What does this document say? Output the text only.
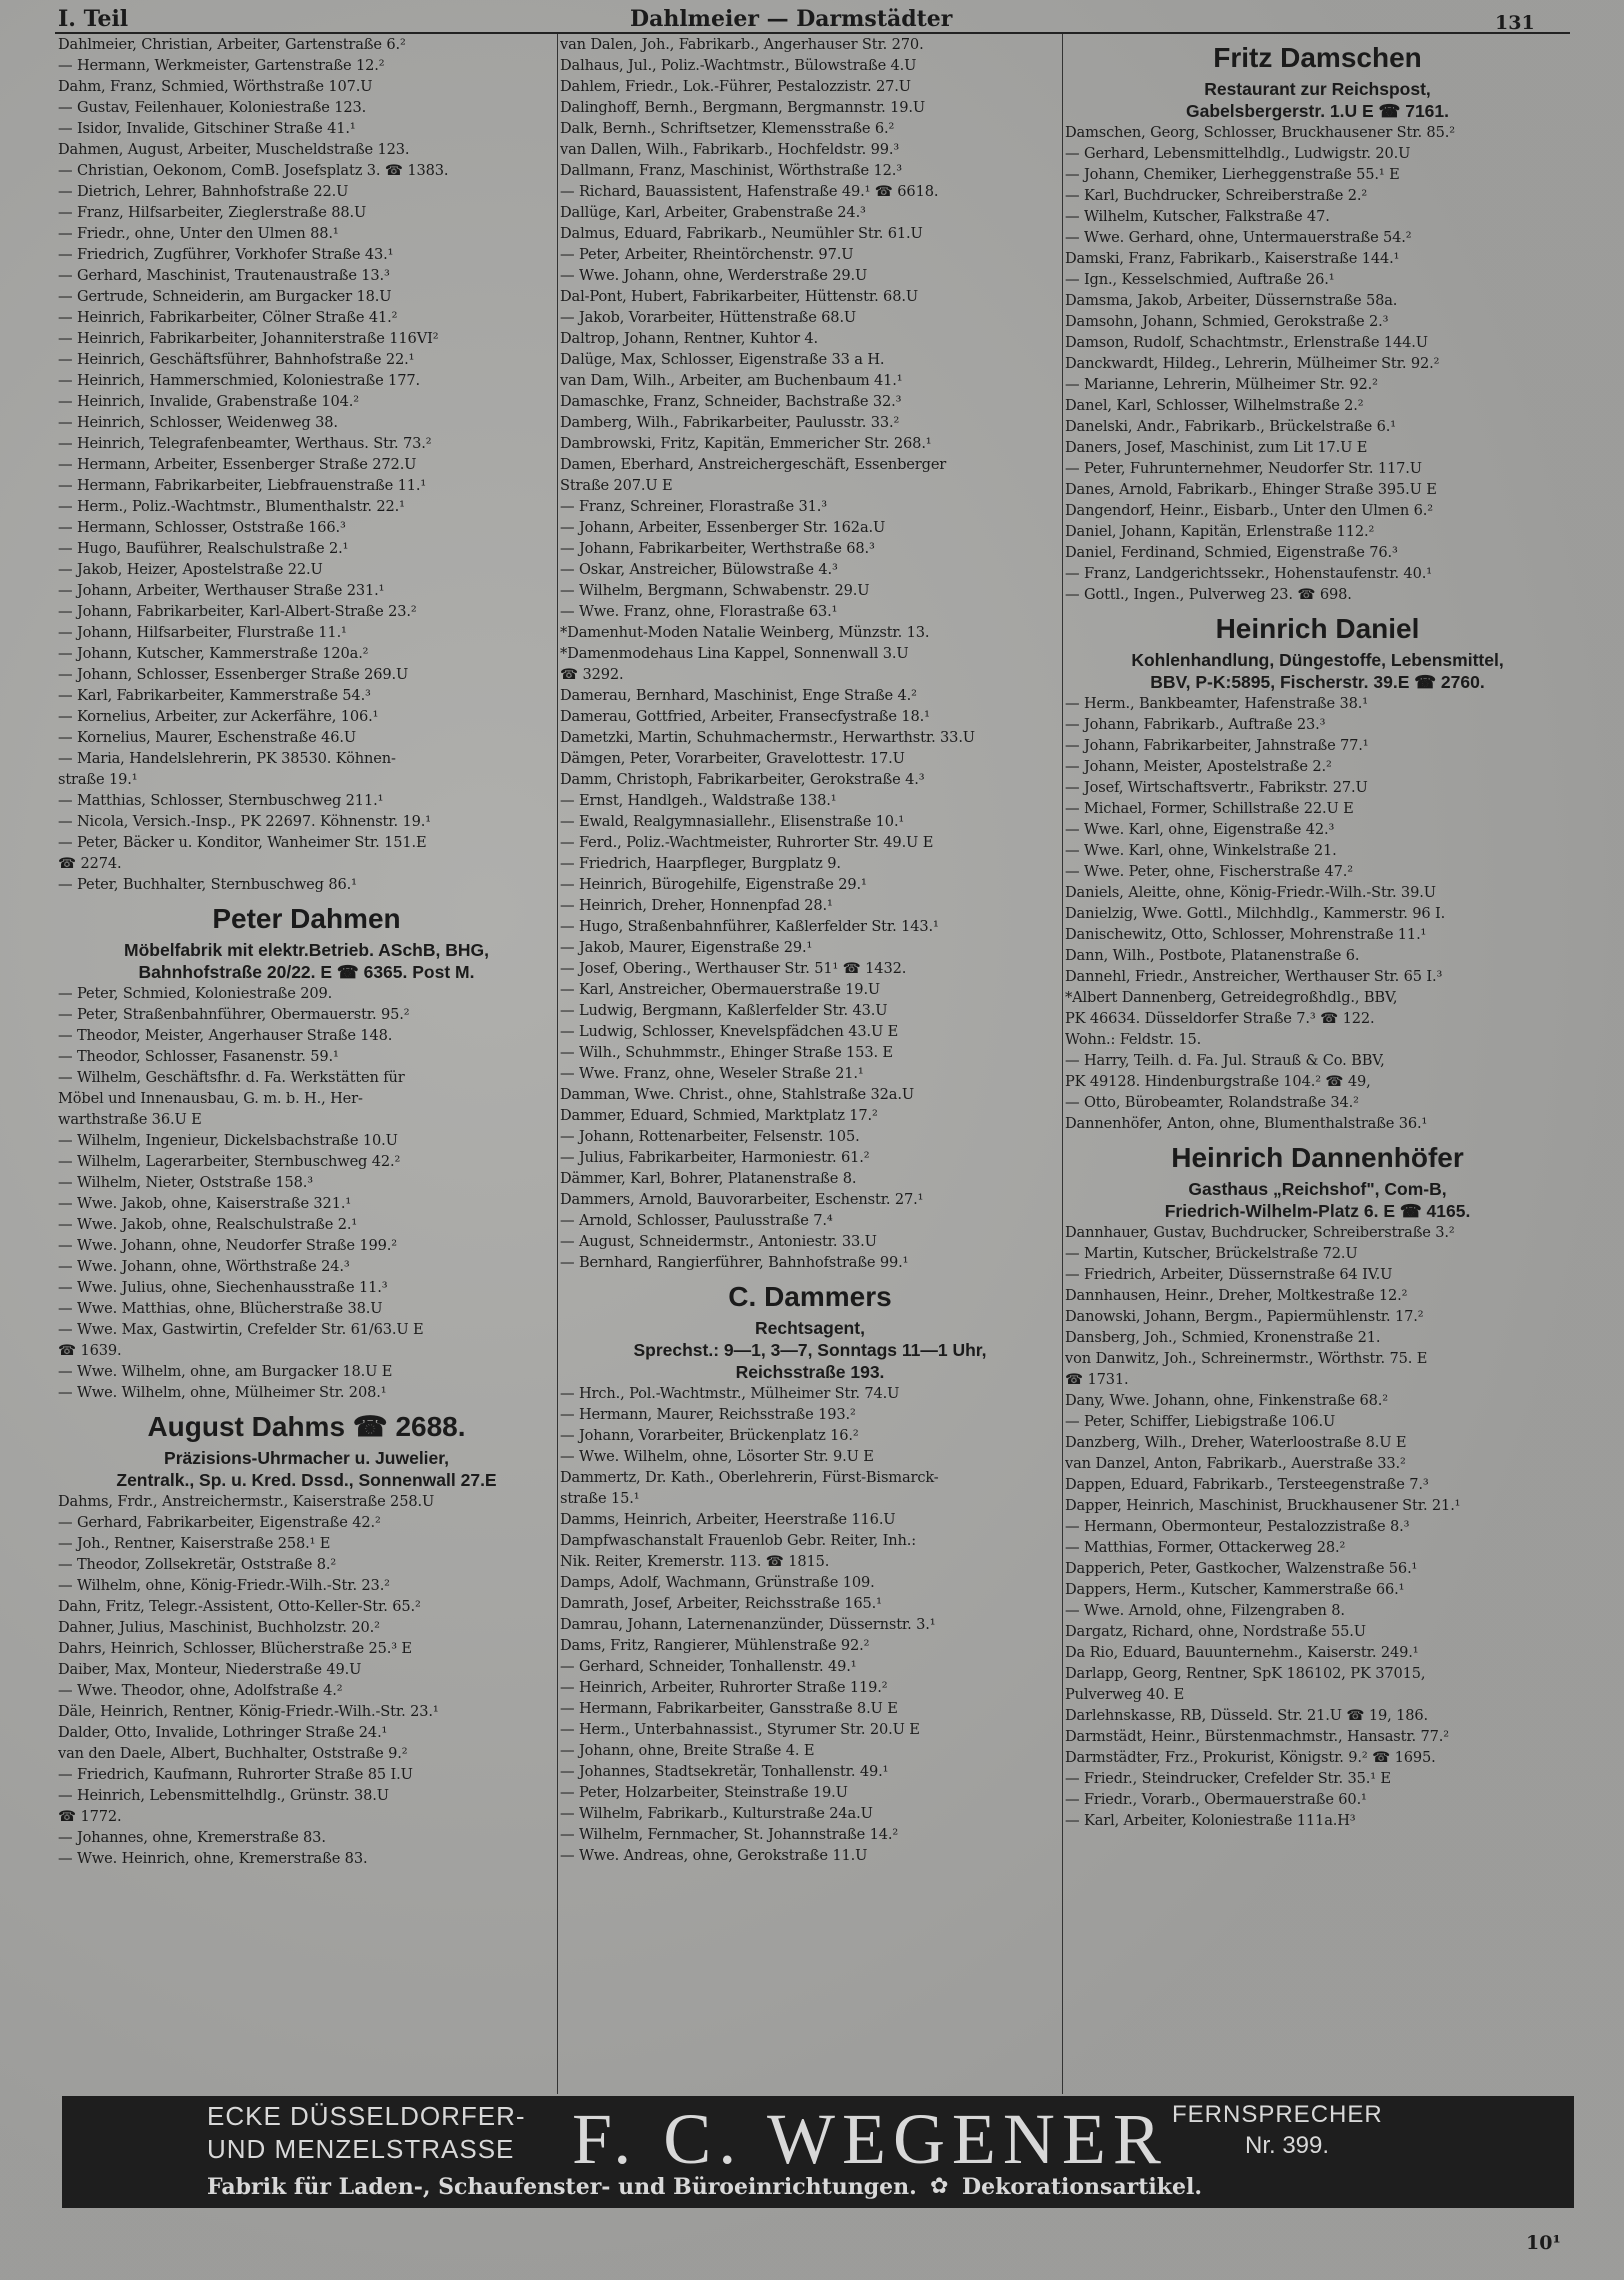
I. Teil	Dahlmeier — Darmstädter	131
Dahlmeier, Christian, Arbeiter, Gartenstraße 6.²
— Hermann, Werkmeister, Gartenstraße 12.²
Dahm, Franz, Schmied, Wörthstraße 107.U
— Gustav, Feilenhauer, Koloniestraße 123.
— Isidor, Invalide, Gitschiner Straße 41.¹
Dahmen, August, Arbeiter, Muscheldstraße 123.
— Christian, Oekonom, ComB. Josefsplatz 3. ☎ 1383.
— Dietrich, Lehrer, Bahnhofstraße 22.U
— Franz, Hilfsarbeiter, Zieglerstraße 88.U
— Friedr., ohne, Unter den Ulmen 88.¹
— Friedrich, Zugführer, Vorkhofer Straße 43.¹
— Gerhard, Maschinist, Trautenaustraße 13.³
— Gertrude, Schneiderin, am Burgacker 18.U
— Heinrich, Fabrikarbeiter, Cölner Straße 41.²
— Heinrich, Fabrikarbeiter, Johanniterstraße 116VI²
— Heinrich, Geschäftsführer, Bahnhofstraße 22.¹
— Heinrich, Hammerschmied, Koloniestraße 177.
— Heinrich, Invalide, Grabenstraße 104.²
— Heinrich, Schlosser, Weidenweg 38.
— Heinrich, Telegrafenbeamter, Werthaus. Str. 73.²
— Hermann, Arbeiter, Essenberger Straße 272.U
— Hermann, Fabrikarbeiter, Liebfrauenstraße 11.¹
— Herm., Poliz.-Wachtmstr., Blumenthalstr. 22.¹
— Hermann, Schlosser, Oststraße 166.³
— Hugo, Bauführer, Realschulstraße 2.¹
— Jakob, Heizer, Apostelstraße 22.U
— Johann, Arbeiter, Werthauser Straße 231.¹
— Johann, Fabrikarbeiter, Karl-Albert-Straße 23.²
— Johann, Hilfsarbeiter, Flurstraße 11.¹
— Johann, Kutscher, Kammerstraße 120a.²
— Johann, Schlosser, Essenberger Straße 269.U
— Karl, Fabrikarbeiter, Kammerstraße 54.³
— Kornelius, Arbeiter, zur Ackerfähre, 106.¹
— Kornelius, Maurer, Eschenstraße 46.U
— Maria, Handelslehrerin, PK 38530. Köhnen-
straße 19.¹
— Matthias, Schlosser, Sternbuschweg 211.¹
— Nicola, Versich.-Insp., PK 22697. Köhnenstr. 19.¹
— Peter, Bäcker u. Konditor, Wanheimer Str. 151.E
☎ 2274.
— Peter, Buchhalter, Sternbuschweg 86.¹
Peter Dahmen
Möbelfabrik mit elektr.Betrieb. ASchB, BHG,
Bahnhofstraße 20/22. E ☎ 6365. Post M.
— Peter, Schmied, Koloniestraße 209.
— Peter, Straßenbahnführer, Obermauerstr. 95.²
— Theodor, Meister, Angerhauser Straße 148.
— Theodor, Schlosser, Fasanenstr. 59.¹
— Wilhelm, Geschäftsfhr. d. Fa. Werkstätten für
Möbel und Innenausbau, G. m. b. H., Her-
warthstraße 36.U E
— Wilhelm, Ingenieur, Dickelsbachstraße 10.U
— Wilhelm, Lagerarbeiter, Sternbuschweg 42.²
— Wilhelm, Nieter, Oststraße 158.³
— Wwe. Jakob, ohne, Kaiserstraße 321.¹
— Wwe. Jakob, ohne, Realschulstraße 2.¹
— Wwe. Johann, ohne, Neudorfer Straße 199.²
— Wwe. Johann, ohne, Wörthstraße 24.³
— Wwe. Julius, ohne, Siechenhausstraße 11.³
— Wwe. Matthias, ohne, Blücherstraße 38.U
— Wwe. Max, Gastwirtin, Crefelder Str. 61/63.U E
☎ 1639.
— Wwe. Wilhelm, ohne, am Burgacker 18.U E
— Wwe. Wilhelm, ohne, Mülheimer Str. 208.¹
August Dahms ☎ 2688.
Präzisions-Uhrmacher u. Juwelier,
Zentralk., Sp. u. Kred. Dssd., Sonnenwall 27.E
Dahms, Frdr., Anstreichermstr., Kaiserstraße 258.U
— Gerhard, Fabrikarbeiter, Eigenstraße 42.²
— Joh., Rentner, Kaiserstraße 258.¹ E
— Theodor, Zollsekretär, Oststraße 8.²
— Wilhelm, ohne, König-Friedr.-Wilh.-Str. 23.²
Dahn, Fritz, Telegr.-Assistent, Otto-Keller-Str. 65.²
Dahner, Julius, Maschinist, Buchholzstr. 20.²
Dahrs, Heinrich, Schlosser, Blücherstraße 25.³ E
Daiber, Max, Monteur, Niederstraße 49.U
— Wwe. Theodor, ohne, Adolfstraße 4.²
Däle, Heinrich, Rentner, König-Friedr.-Wilh.-Str. 23.¹
Dalder, Otto, Invalide, Lothringer Straße 24.¹
van den Daele, Albert, Buchhalter, Oststraße 9.²
— Friedrich, Kaufmann, Ruhrorter Straße 85 I.U
— Heinrich, Lebensmittelhdlg., Grünstr. 38.U
☎ 1772.
— Johannes, ohne, Kremerstraße 83.
— Wwe. Heinrich, ohne, Kremerstraße 83.
van Dalen, Joh., Fabrikarb., Angerhauser Str. 270.
Dalhaus, Jul., Poliz.-Wachtmstr., Bülowstraße 4.U
Dahlem, Friedr., Lok.-Führer, Pestalozzistr. 27.U
Dalinghoff, Bernh., Bergmann, Bergmannstr. 19.U
Dalk, Bernh., Schriftsetzer, Klemensstraße 6.²
van Dallen, Wilh., Fabrikarb., Hochfeldstr. 99.³
Dallmann, Franz, Maschinist, Wörthstraße 12.³
— Richard, Bauassistent, Hafenstraße 49.¹ ☎ 6618.
Dallüge, Karl, Arbeiter, Grabenstraße 24.³
Dalmus, Eduard, Fabrikarb., Neumühler Str. 61.U
— Peter, Arbeiter, Rheintörchenstr. 97.U
— Wwe. Johann, ohne, Werderstraße 29.U
Dal-Pont, Hubert, Fabrikarbeiter, Hüttenstr. 68.U
— Jakob, Vorarbeiter, Hüttenstraße 68.U
Daltrop, Johann, Rentner, Kuhtor 4.
Dalüge, Max, Schlosser, Eigenstraße 33 a H.
van Dam, Wilh., Arbeiter, am Buchenbaum 41.¹
Damaschke, Franz, Schneider, Bachstraße 32.³
Damberg, Wilh., Fabrikarbeiter, Paulusstr. 33.²
Dambrowski, Fritz, Kapitän, Emmericher Str. 268.¹
Damen, Eberhard, Anstreichergeschäft, Essenberger
Straße 207.U E
— Franz, Schreiner, Florastraße 31.³
— Johann, Arbeiter, Essenberger Str. 162a.U
— Johann, Fabrikarbeiter, Werthstraße 68.³
— Oskar, Anstreicher, Bülowstraße 4.³
— Wilhelm, Bergmann, Schwabenstr. 29.U
— Wwe. Franz, ohne, Florastraße 63.¹
*Damenhut-Moden Natalie Weinberg, Münzstr. 13.
*Damenmodehaus Lina Kappel, Sonnenwall 3.U
☎ 3292.
Damerau, Bernhard, Maschinist, Enge Straße 4.²
Damerau, Gottfried, Arbeiter, Fransecfystraße 18.¹
Dametzki, Martin, Schuhmachermstr., Herwarthstr. 33.U
Dämgen, Peter, Vorarbeiter, Gravelottestr. 17.U
Damm, Christoph, Fabrikarbeiter, Gerokstraße 4.³
— Ernst, Handlgeh., Waldstraße 138.¹
— Ewald, Realgymnasiallehr., Elisenstraße 10.¹
— Ferd., Poliz.-Wachtmeister, Ruhrorter Str. 49.U E
— Friedrich, Haarpfleger, Burgplatz 9.
— Heinrich, Bürogehilfe, Eigenstraße 29.¹
— Heinrich, Dreher, Honnenpfad 28.¹
— Hugo, Straßenbahnführer, Kaßlerfelder Str. 143.¹
— Jakob, Maurer, Eigenstraße 29.¹
— Josef, Obering., Werthauser Str. 51¹ ☎ 1432.
— Karl, Anstreicher, Obermauerstraße 19.U
— Ludwig, Bergmann, Kaßlerfelder Str. 43.U
— Ludwig, Schlosser, Knevelspfädchen 43.U E
— Wilh., Schuhmmstr., Ehinger Straße 153. E
— Wwe. Franz, ohne, Weseler Straße 21.¹
Damman, Wwe. Christ., ohne, Stahlstraße 32a.U
Dammer, Eduard, Schmied, Marktplatz 17.²
— Johann, Rottenarbeiter, Felsenstr. 105.
— Julius, Fabrikarbeiter, Harmoniestr. 61.²
Dämmer, Karl, Bohrer, Platanenstraße 8.
Dammers, Arnold, Bauvorarbeiter, Eschenstr. 27.¹
— Arnold, Schlosser, Paulusstraße 7.⁴
— August, Schneidermstr., Antoniestr. 33.U
— Bernhard, Rangierführer, Bahnhofstraße 99.¹
C. Dammers
Rechtsagent,
Sprechst.: 9—1, 3—7, Sonntags 11—1 Uhr,
Reichsstraße 193.
— Hrch., Pol.-Wachtmstr., Mülheimer Str. 74.U
— Hermann, Maurer, Reichsstraße 193.²
— Johann, Vorarbeiter, Brückenplatz 16.²
— Wwe. Wilhelm, ohne, Lösorter Str. 9.U E
Dammertz, Dr. Kath., Oberlehrerin, Fürst-Bismarck-
straße 15.¹
Damms, Heinrich, Arbeiter, Heerstraße 116.U
Dampfwaschanstalt Frauenlob Gebr. Reiter, Inh.:
Nik. Reiter, Kremerstr. 113. ☎ 1815.
Damps, Adolf, Wachmann, Grünstraße 109.
Damrath, Josef, Arbeiter, Reichsstraße 165.¹
Damrau, Johann, Laternenanzünder, Düssernstr. 3.¹
Dams, Fritz, Rangierer, Mühlenstraße 92.²
— Gerhard, Schneider, Tonhallenstr. 49.¹
— Heinrich, Arbeiter, Ruhrorter Straße 119.²
— Hermann, Fabrikarbeiter, Gansstraße 8.U E
— Herm., Unterbahnassist., Styrumer Str. 20.U E
— Johann, ohne, Breite Straße 4. E
— Johannes, Stadtsekretär, Tonhallenstr. 49.¹
— Peter, Holzarbeiter, Steinstraße 19.U
— Wilhelm, Fabrikarb., Kulturstraße 24a.U
— Wilhelm, Fernmacher, St. Johannstraße 14.²
— Wwe. Andreas, ohne, Gerokstraße 11.U
Fritz Damschen
Restaurant zur Reichspost,
Gabelsbergerstr. 1.U E ☎ 7161.
Damschen, Georg, Schlosser, Bruckhausener Str. 85.²
— Gerhard, Lebensmittelhdlg., Ludwigstr. 20.U
— Johann, Chemiker, Lierheggenstraße 55.¹ E
— Karl, Buchdrucker, Schreiberstraße 2.²
— Wilhelm, Kutscher, Falkstraße 47.
— Wwe. Gerhard, ohne, Untermauerstraße 54.²
Damski, Franz, Fabrikarb., Kaiserstraße 144.¹
— Ign., Kesselschmied, Auftraße 26.¹
Damsma, Jakob, Arbeiter, Düssernstraße 58a.
Damsohn, Johann, Schmied, Gerokstraße 2.³
Damson, Rudolf, Schachtmstr., Erlenstraße 144.U
Danckwardt, Hildeg., Lehrerin, Mülheimer Str. 92.²
— Marianne, Lehrerin, Mülheimer Str. 92.²
Danel, Karl, Schlosser, Wilhelmstraße 2.²
Danelski, Andr., Fabrikarb., Brückelstraße 6.¹
Daners, Josef, Maschinist, zum Lit 17.U E
— Peter, Fuhrunternehmer, Neudorfer Str. 117.U
Danes, Arnold, Fabrikarb., Ehinger Straße 395.U E
Dangendorf, Heinr., Eisbarb., Unter den Ulmen 6.²
Daniel, Johann, Kapitän, Erlenstraße 112.²
Daniel, Ferdinand, Schmied, Eigenstraße 76.³
— Franz, Landgerichtssekr., Hohenstaufenstr. 40.¹
— Gottl., Ingen., Pulverweg 23. ☎ 698.
Heinrich Daniel
Kohlenhandlung, Düngestoffe, Lebensmittel,
BBV, P-K:5895, Fischerstr. 39.E ☎ 2760.
— Herm., Bankbeamter, Hafenstraße 38.¹
— Johann, Fabrikarb., Auftraße 23.³
— Johann, Fabrikarbeiter, Jahnstraße 77.¹
— Johann, Meister, Apostelstraße 2.²
— Josef, Wirtschaftsvertr., Fabrikstr. 27.U
— Michael, Former, Schillstraße 22.U E
— Wwe. Karl, ohne, Eigenstraße 42.³
— Wwe. Karl, ohne, Winkelstraße 21.
— Wwe. Peter, ohne, Fischerstraße 47.²
Daniels, Aleitte, ohne, König-Friedr.-Wilh.-Str. 39.U
Danielzig, Wwe. Gottl., Milchhdlg., Kammerstr. 96 I.
Danischewitz, Otto, Schlosser, Mohrenstraße 11.¹
Dann, Wilh., Postbote, Platanenstraße 6.
Dannehl, Friedr., Anstreicher, Werthauser Str. 65 I.³
*Albert Dannenberg, Getreidegroßhdlg., BBV,
PK 46634. Düsseldorfer Straße 7.³ ☎ 122.
Wohn.: Feldstr. 15.
— Harry, Teilh. d. Fa. Jul. Strauß & Co. BBV,
PK 49128. Hindenburgstraße 104.² ☎ 49,
— Otto, Bürobeamter, Rolandstraße 34.²
Dannenhöfer, Anton, ohne, Blumenthalstraße 36.¹
Heinrich Dannenhöfer
Gasthaus „Reichshof", Com-B,
Friedrich-Wilhelm-Platz 6. E ☎ 4165.
Dannhauer, Gustav, Buchdrucker, Schreiberstraße 3.²
— Martin, Kutscher, Brückelstraße 72.U
— Friedrich, Arbeiter, Düssernstraße 64 IV.U
Dannhausen, Heinr., Dreher, Moltkestraße 12.²
Danowski, Johann, Bergm., Papiermühlenstr. 17.²
Dansberg, Joh., Schmied, Kronenstraße 21.
von Danwitz, Joh., Schreinermstr., Wörthstr. 75. E
☎ 1731.
Dany, Wwe. Johann, ohne, Finkenstraße 68.²
— Peter, Schiffer, Liebigstraße 106.U
Danzberg, Wilh., Dreher, Waterloostraße 8.U E
van Danzel, Anton, Fabrikarb., Auerstraße 33.²
Dappen, Eduard, Fabrikarb., Tersteegenstraße 7.³
Dapper, Heinrich, Maschinist, Bruckhausener Str. 21.¹
— Hermann, Obermonteur, Pestalozzistraße 8.³
— Matthias, Former, Ottackerweg 28.²
Dapperich, Peter, Gastkocher, Walzenstraße 56.¹
Dappers, Herm., Kutscher, Kammerstraße 66.¹
— Wwe. Arnold, ohne, Filzengraben 8.
Dargatz, Richard, ohne, Nordstraße 55.U
Da Rio, Eduard, Bauunternehm., Kaiserstr. 249.¹
Darlapp, Georg, Rentner, SpK 186102, PK 37015,
Pulverweg 40. E
Darlehnskasse, RB, Düsseld. Str. 21.U ☎ 19, 186.
Darmstädt, Heinr., Bürstenmachmstr., Hansastr. 77.²
Darmstädter, Frz., Prokurist, Königstr. 9.² ☎ 1695.
— Friedr., Steindrucker, Crefelder Str. 35.¹ E
— Friedr., Vorarb., Obermauerstraße 60.¹
— Karl, Arbeiter, Koloniestraße 111a.H³
ECKE DÜSSELDORFER-
UND MENZELSTRASSE F. C. WEGENER FERNSPRECHER
Nr. 399.
Fabrik für Laden-, Schaufenster- und Büroeinrichtungen. ✿ Dekorationsartikel.
10¹
